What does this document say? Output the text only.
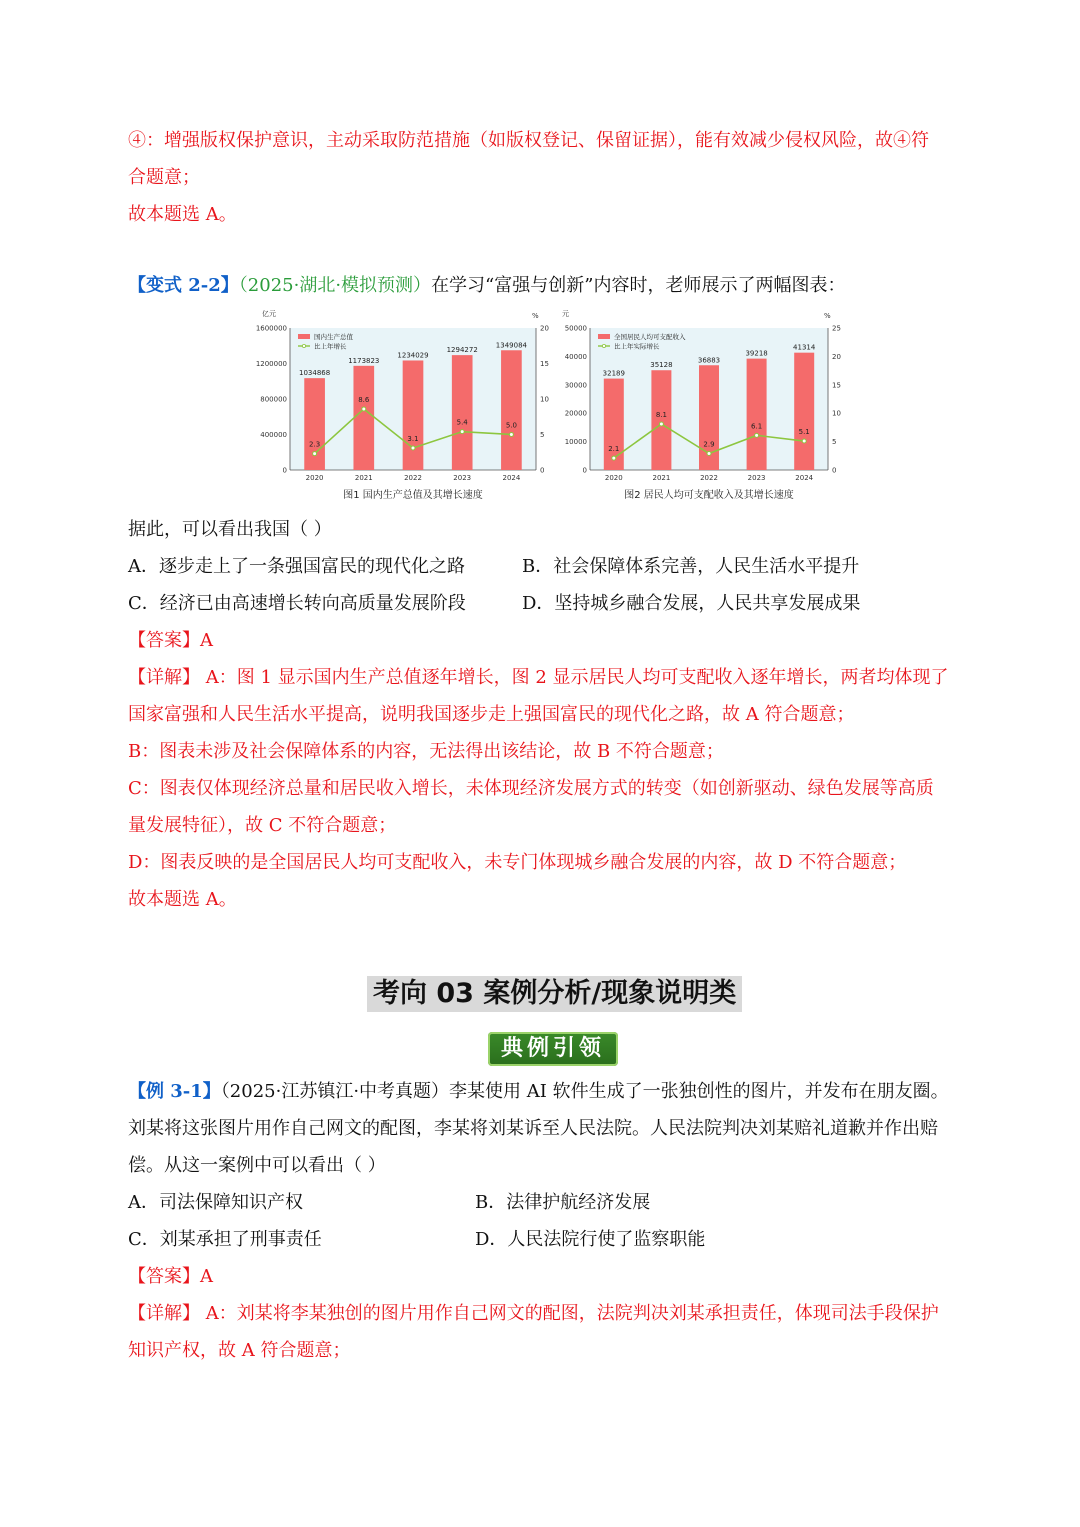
④：增强版权保护意识，主动采取防范措施（如版权登记、保留证据），能有效减少侵权风险，故④符
合题意；
故本题选 A。
【变式 2-2】（2025·湖北·模拟预测）在学习“富强与创新”内容时，老师展示了两幅图表：
亿元	%
1600000
1200000
800000
400000
0
20
15
10
5
0
1034868
2020
1173823
2021
1234029
2022
1294272
2023
1349084
2024
2.3
8.6
3.1
5.4	5.0
国内生产总值
比上年增长
图1 国内生产总值及其增长速度
元	%
50000
40000
30000
20000
10000
0
25
20
15
10
5
0
32189
2020
35128
2021
36883
2022
39218
2023
41314
2024
2.1
8.1
2.9
6.1
5.1
全国居民人均可支配收入
比上年实际增长
图2 居民人均可支配收入及其增长速度
据此，可以看出我国（ ）
A．逐步走上了一条强国富民的现代化之路	B．社会保障体系完善，人民生活水平提升
C．经济已由高速增长转向高质量发展阶段	D．坚持城乡融合发展，人民共享发展成果
【答案】A
【详解】 A：图 1 显示国内生产总值逐年增长，图 2 显示居民人均可支配收入逐年增长，两者均体现了
国家富强和人民生活水平提高，说明我国逐步走上强国富民的现代化之路，故 A 符合题意；
B：图表未涉及社会保障体系的内容，无法得出该结论，故 B 不符合题意；
C：图表仅体现经济总量和居民收入增长，未体现经济发展方式的转变（如创新驱动、绿色发展等高质
量发展特征），故 C 不符合题意；
D：图表反映的是全国居民人均可支配收入，未专门体现城乡融合发展的内容，故 D 不符合题意；
故本题选 A。
考向 03 案例分析/现象说明类
典例引领
【例 3-1】（2025·江苏镇江·中考真题）李某使用 AI 软件生成了一张独创性的图片，并发布在朋友圈。
刘某将这张图片用作自己网文的配图，李某将刘某诉至人民法院。人民法院判决刘某赔礼道歉并作出赔
偿。从这一案例中可以看出（ ）
A．司法保障知识产权	B．法律护航经济发展
C．刘某承担了刑事责任	D．人民法院行使了监察职能
【答案】A
【详解】 A：刘某将李某独创的图片用作自己网文的配图，法院判决刘某承担责任，体现司法手段保护
知识产权，故 A 符合题意；
